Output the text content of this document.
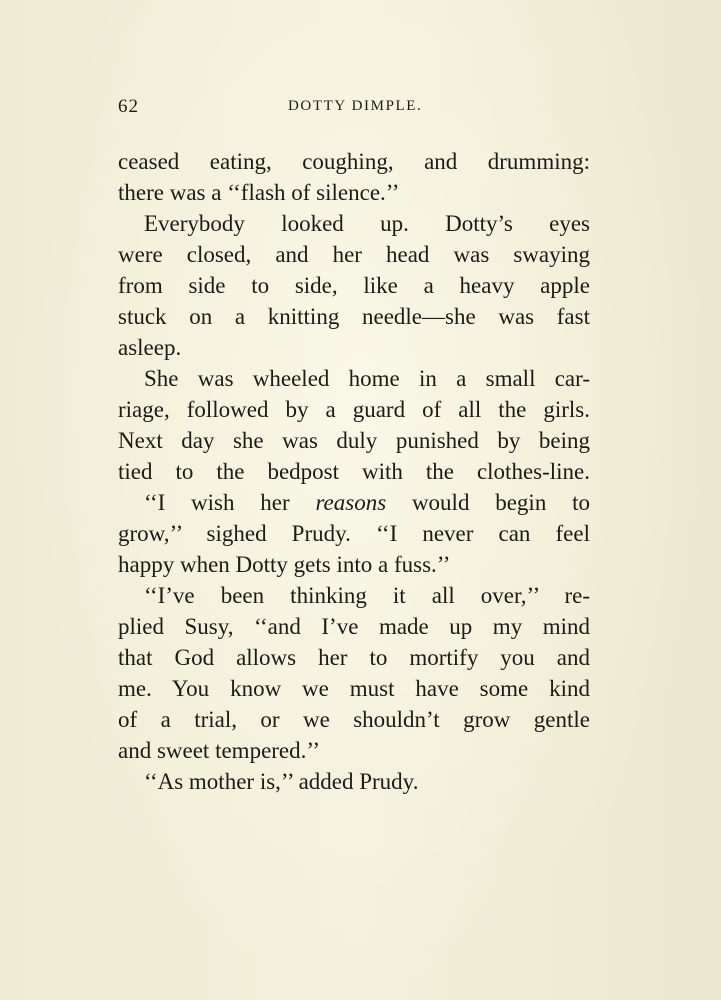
62	DOTTY DIMPLE.
ceased eating, coughing, and drumming:
there was a ‘‘flash of silence.’’
Everybody looked up. Dotty’s eyes
were closed, and her head was swaying
from side to side, like a heavy apple
stuck on a knitting needle—she was fast
asleep.
She was wheeled home in a small car-
riage, followed by a guard of all the girls.
Next day she was duly punished by being
tied to the bedpost with the clothes-line.
‘‘I wish her reasons would begin to
grow,’’ sighed Prudy. ‘‘I never can feel
happy when Dotty gets into a fuss.’’
‘‘I’ve been thinking it all over,’’ re-
plied Susy, ‘‘and I’ve made up my mind
that God allows her to mortify you and
me. You know we must have some kind
of a trial, or we shouldn’t grow gentle
and sweet tempered.’’
‘‘As mother is,’’ added Prudy.
